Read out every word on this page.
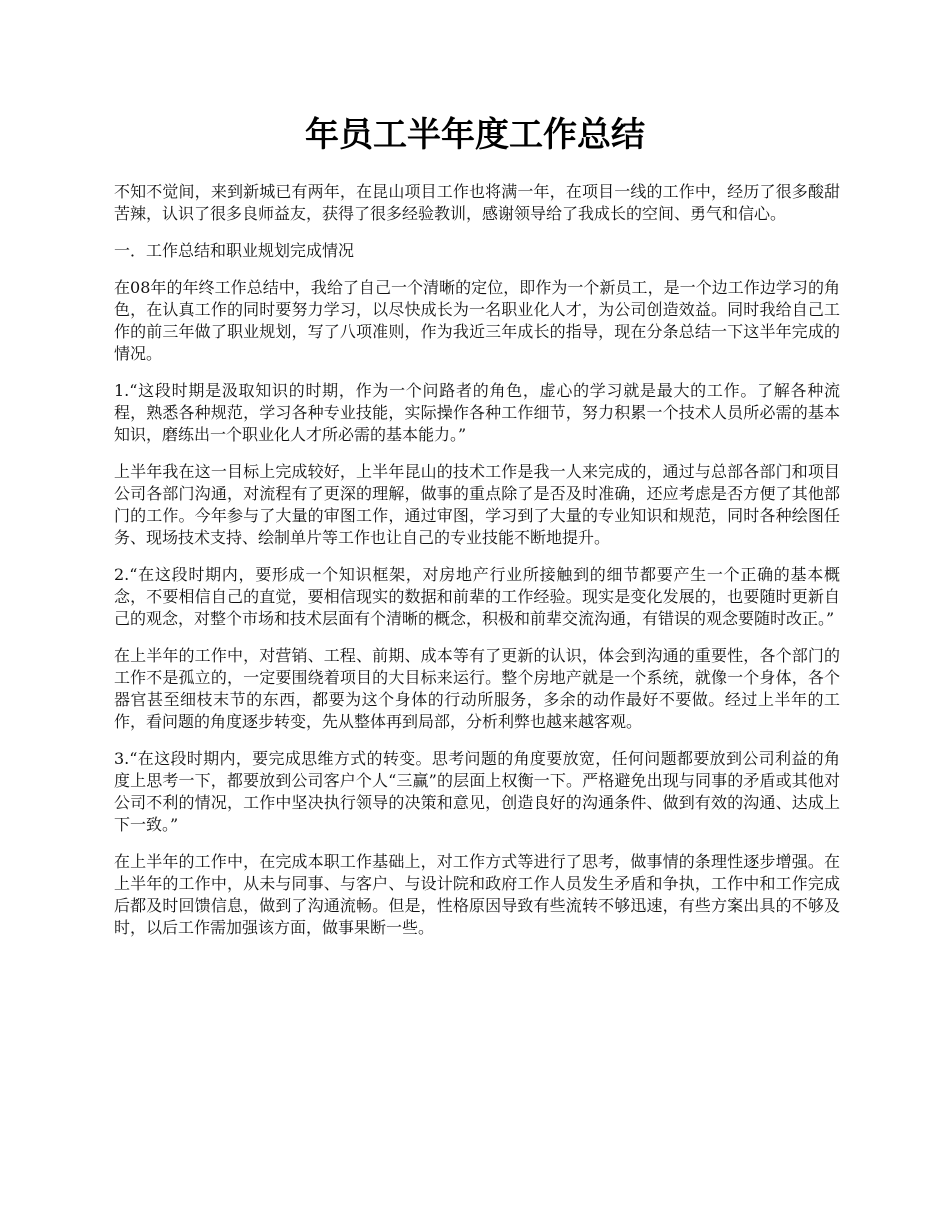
年员工半年度工作总结

不知不觉间，来到新城已有两年，在昆山项目工作也将满一年，在项目一线的工作中，经历了很多酸甜苦辣，认识了很多良师益友，获得了很多经验教训，感谢领导给了我成长的空间、勇气和信心。

一．工作总结和职业规划完成情况

在08年的年终工作总结中，我给了自己一个清晰的定位，即作为一个新员工，是一个边工作边学习的角色，在认真工作的同时要努力学习，以尽快成长为一名职业化人才，为公司创造效益。同时我给自己工作的前三年做了职业规划，写了八项准则，作为我近三年成长的指导，现在分条总结一下这半年完成的情况。

1.“这段时期是汲取知识的时期，作为一个问路者的角色，虚心的学习就是最大的工作。了解各种流程，熟悉各种规范，学习各种专业技能，实际操作各种工作细节，努力积累一个技术人员所必需的基本知识，磨练出一个职业化人才所必需的基本能力。”

上半年我在这一目标上完成较好，上半年昆山的技术工作是我一人来完成的，通过与总部各部门和项目公司各部门沟通，对流程有了更深的理解，做事的重点除了是否及时准确，还应考虑是否方便了其他部门的工作。今年参与了大量的审图工作，通过审图，学习到了大量的专业知识和规范，同时各种绘图任务、现场技术支持、绘制单片等工作也让自己的专业技能不断地提升。

2.“在这段时期内，要形成一个知识框架，对房地产行业所接触到的细节都要产生一个正确的基本概念，不要相信自己的直觉，要相信现实的数据和前辈的工作经验。现实是变化发展的，也要随时更新自己的观念，对整个市场和技术层面有个清晰的概念，积极和前辈交流沟通，有错误的观念要随时改正。”

在上半年的工作中，对营销、工程、前期、成本等有了更新的认识，体会到沟通的重要性，各个部门的工作不是孤立的，一定要围绕着项目的大目标来运行。整个房地产就是一个系统，就像一个身体，各个器官甚至细枝末节的东西，都要为这个身体的行动所服务，多余的动作最好不要做。经过上半年的工作，看问题的角度逐步转变，先从整体再到局部，分析利弊也越来越客观。

3.“在这段时期内，要完成思维方式的转变。思考问题的角度要放宽，任何问题都要放到公司利益的角度上思考一下，都要放到公司客户个人“三赢”的层面上权衡一下。严格避免出现与同事的矛盾或其他对公司不利的情况，工作中坚决执行领导的决策和意见，创造良好的沟通条件、做到有效的沟通、达成上下一致。”

在上半年的工作中，在完成本职工作基础上，对工作方式等进行了思考，做事情的条理性逐步增强。在上半年的工作中，从未与同事、与客户、与设计院和政府工作人员发生矛盾和争执，工作中和工作完成后都及时回馈信息，做到了沟通流畅。但是，性格原因导致有些流转不够迅速，有些方案出具的不够及时，以后工作需加强该方面，做事果断一些。
